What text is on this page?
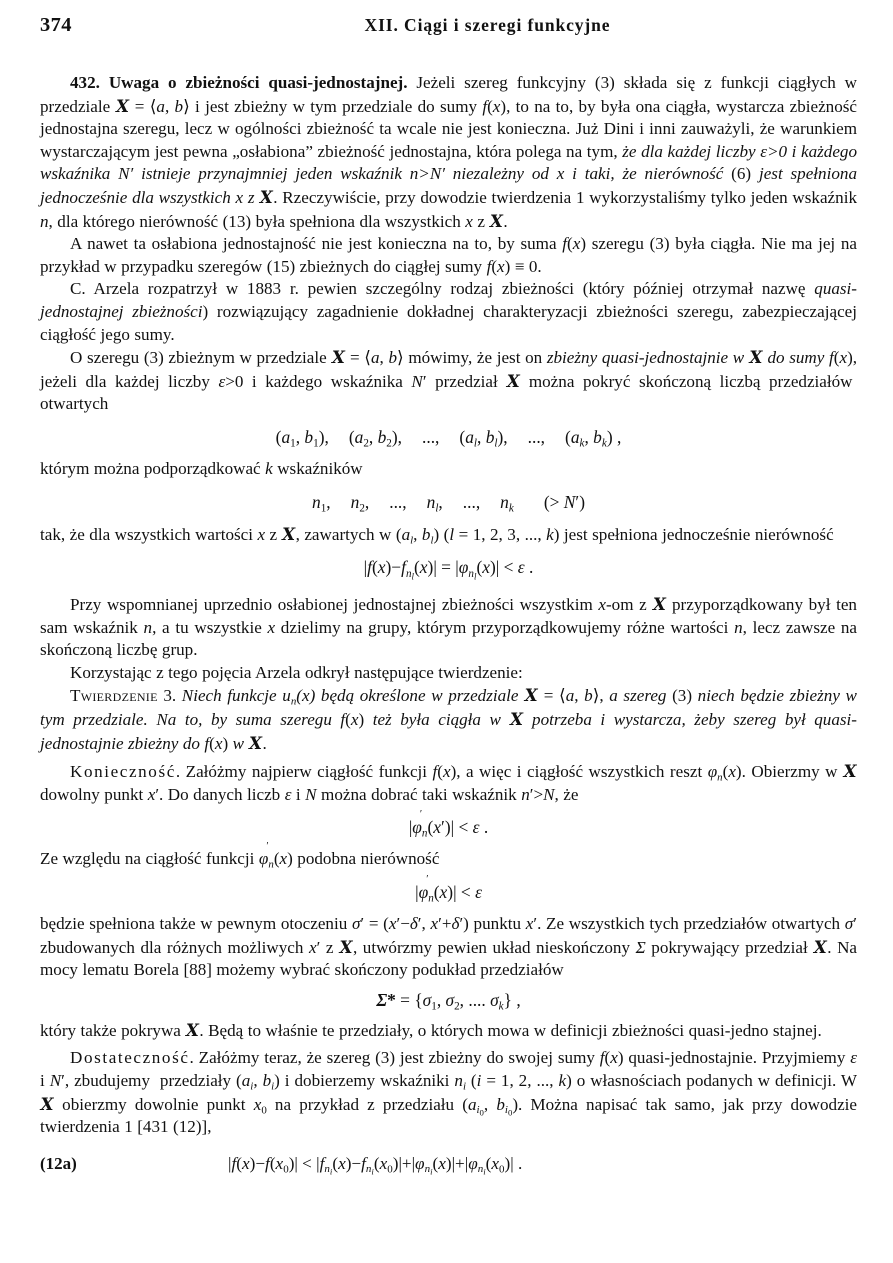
374	XII. Ciągi i szeregi funkcyjne

432. Uwaga o zbieżności quasi-jednostajnej. Jeżeli szereg funkcyjny (3) składa się z funkcji ciągłych w przedziale X = ⟨a, b⟩ i jest zbieżny w tym przedziale do sumy f(x), to na to, by była ona ciągła, wystarcza zbieżność jednostajna szeregu, lecz w ogólności zbieżność ta wcale nie jest konieczna. Już Dini i inni zauważyli, że warunkiem wystarczającym jest pewna „osłabiona” zbieżność jednostajna, która polega na tym, że dla każdej liczby ε>0 i każdego wskaźnika N′ istnieje przynajmniej jeden wskaźnik n>N′ niezależny od x i taki, że nierówność (6) jest spełniona jednocześnie dla wszystkich x z X. Rzeczywiście, przy dowodzie twierdzenia 1 wykorzystaliśmy tylko jeden wskaźnik n, dla którego nierówność (13) była spełniona dla wszystkich x z X.

A nawet ta osłabiona jednostajność nie jest konieczna na to, by suma f(x) szeregu (3) była ciągła. Nie ma jej na przykład w przypadku szeregów (15) zbieżnych do ciągłej sumy f(x) ≡ 0.

C. Arzela rozpatrzył w 1883 r. pewien szczególny rodzaj zbieżności (który później otrzymał nazwę quasi-jednostajnej zbieżności) rozwiązujący zagadnienie dokładnej charakteryzacji zbieżności szeregu, zabezpieczającej ciągłość jego sumy.

O szeregu (3) zbieżnym w przedziale X = ⟨a, b⟩ mówimy, że jest on zbieżny quasi-jednostajnie w X do sumy f(x), jeżeli dla każdej liczby ε>0 i każdego wskaźnika N′ przedział X można pokryć skończoną liczbą przedziałów  otwartych

($a_1$, $b_1$), ($a_2$, $b_2$), ..., ($a_l$, $b_l$), ..., ($a_k$, $b_k$) ,

którym można podporządkować k wskaźników

$n_1$, $n_2$, ..., $n_l$, ..., $n_k$ (> N′)

tak, że dla wszystkich wartości x z X, zawartych w ($a_l$, $b_l$) (l = 1, 2, 3, ..., k) jest spełniona jednocześnie nierówność

$|f(x)-f_{n_l}(x)| = |\varphi_{n_l}(x)| < \varepsilon$ .

Przy wspomnianej uprzednio osłabionej jednostajnej zbieżności wszystkim x-om z X przyporządkowany był ten sam wskaźnik n, a tu wszystkie x dzielimy na grupy, którym przyporządkowujemy różne wartości n, lecz zawsze na skończoną liczbę grup.

Korzystając z tego pojęcia Arzela odkrył następujące twierdzenie:

Twierdzenie 3. Niech funkcje $u_n(x)$ będą określone w przedziale X = ⟨a, b⟩, a szereg (3) niech będzie zbieżny w tym przedziale. Na to, by suma szeregu f(x) też była ciągła w X potrzeba i wystarcza, żeby szereg był quasi-jednostajnie zbieżny do f(x) w X.

Konieczność. Załóżmy najpierw ciągłość funkcji f(x), a więc i ciągłość wszystkich reszt $\varphi_n(x)$. Obierzmy w X dowolny punkt x′. Do danych liczb ε i N można dobrać taki wskaźnik n′>N, że

$|\varphi_n$
′
(x′)| < ε .

Ze względu na ciągłość funkcji $\varphi_n$
′
(x) podobna nierówność

$|\varphi_n$
′
(x)| < ε

będzie spełniona także w pewnym otoczeniu σ′ = (x′−δ′, x′+δ′) punktu x′. Ze wszystkich tych przedziałów otwartych σ′ zbudowanych dla różnych możliwych x′ z X, utwórzmy pewien układ nieskończony Σ pokrywający przedział X. Na mocy lematu Borela [88] możemy wybrać skończony podukład przedziałów

$\Sigma* = \{\sigma_1$, $\sigma_2$, .... $\sigma_k$} ,

który także pokrywa X. Będą to właśnie te przedziały, o których mowa w definicji zbieżności quasi-jedno stajnej.

Dostateczność. Załóżmy teraz, że szereg (3) jest zbieżny do swojej sumy f(x) quasi-jednostajnie. Przyjmiemy ε i N′, zbudujemy  przedziały ($a_i$, $b_i$) i dobierzemy wskaźniki $n_i$ (i = 1, 2, ..., k) o własnościach podanych w definicji. W X obierzmy dowolnie punkt $x_0$ na przykład z przedziału ($a_{i_0}$, $b_{i_0}$). Można napisać tak samo, jak przy dowodzie twierdzenia 1 [431 (12)],

(12a)	$|f(x)-f(x_0)| < |f_{n_i}(x)-f_{n_i}(x_0)|+|\varphi_{n_i}(x)|+|\varphi_{n_i}(x_0)|$ .
